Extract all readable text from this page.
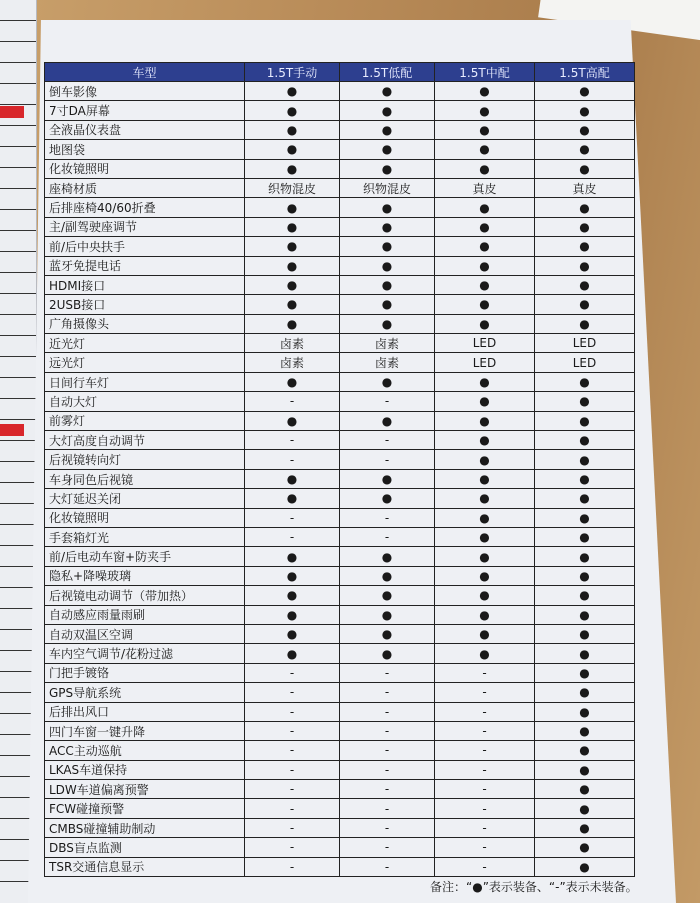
车型	1.5T手动	1.5T低配	1.5T中配	1.5T高配
倒车影像	●	●	●	●
7寸DA屏幕	●	●	●	●
全液晶仪表盘	●	●	●	●
地图袋	●	●	●	●
化妆镜照明	●	●	●	●
座椅材质	织物混皮	织物混皮	真皮	真皮
后排座椅40/60折叠	●	●	●	●
主/副驾驶座调节	●	●	●	●
前/后中央扶手	●	●	●	●
蓝牙免提电话	●	●	●	●
HDMI接口	●	●	●	●
2USB接口	●	●	●	●
广角摄像头	●	●	●	●
近光灯	卤素	卤素	LED	LED
远光灯	卤素	卤素	LED	LED
日间行车灯	●	●	●	●
自动大灯	-	-	●	●
前雾灯	●	●	●	●
大灯高度自动调节	-	-	●	●
后视镜转向灯	-	-	●	●
车身同色后视镜	●	●	●	●
大灯延迟关闭	●	●	●	●
化妆镜照明	-	-	●	●
手套箱灯光	-	-	●	●
前/后电动车窗+防夹手	●	●	●	●
隐私+降噪玻璃	●	●	●	●
后视镜电动调节（带加热）	●	●	●	●
自动感应雨量雨刷	●	●	●	●
自动双温区空调	●	●	●	●
车内空气调节/花粉过滤	●	●	●	●
门把手镀铬	-	-	-	●
GPS导航系统	-	-	-	●
后排出风口	-	-	-	●
四门车窗一键升降	-	-	-	●
ACC主动巡航	-	-	-	●
LKAS车道保持	-	-	-	●
LDW车道偏离预警	-	-	-	●
FCW碰撞预警	-	-	-	●
CMBS碰撞辅助制动	-	-	-	●
DBS盲点监测	-	-	-	●
TSR交通信息显示	-	-	-	●
备注：“●”表示装备、“-”表示未装备。
